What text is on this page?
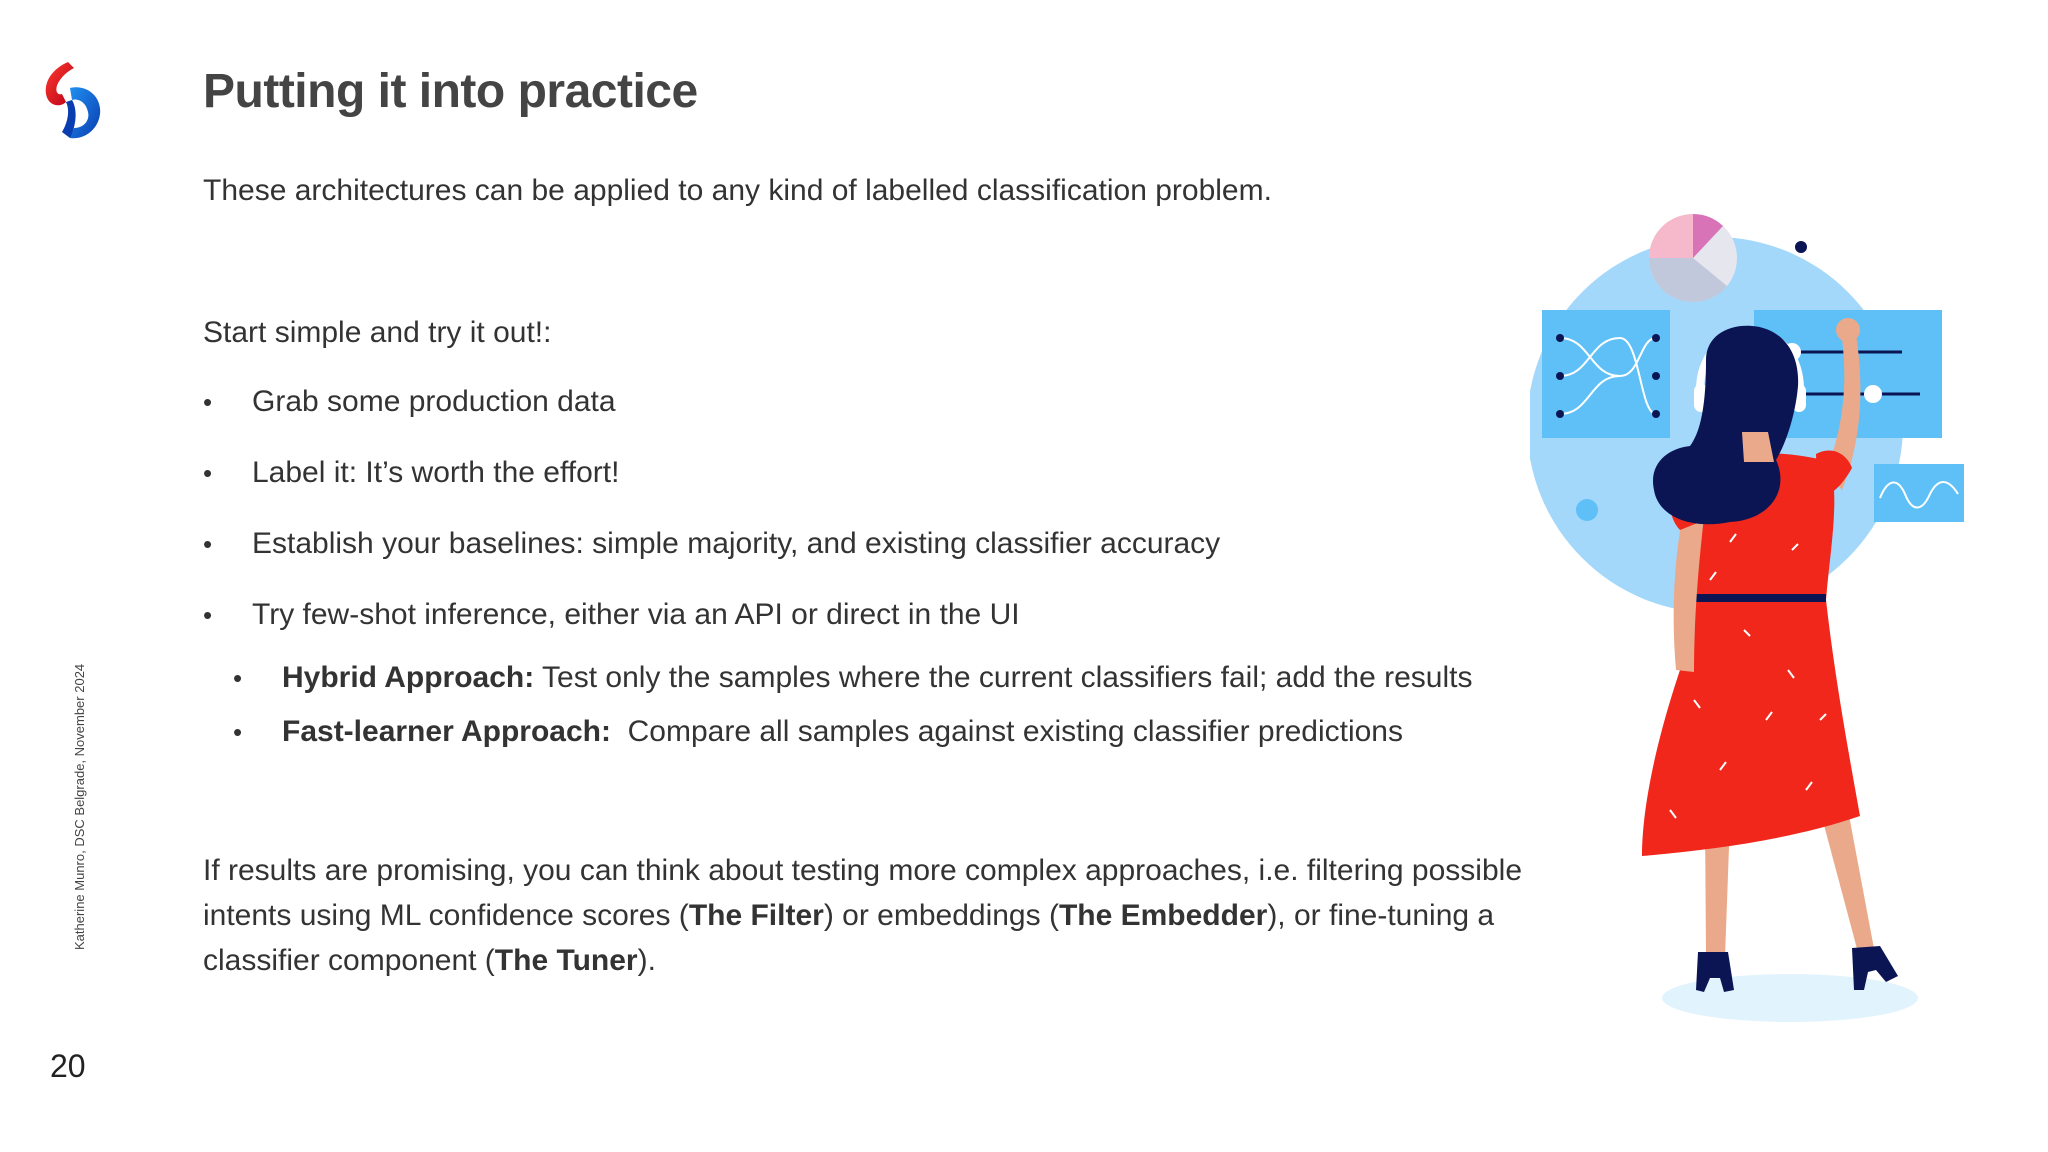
Putting it into practice

These architectures can be applied to any kind of labelled classification problem.

Start simple and try it out!:

• Grab some production data
• Label it: It’s worth the effort!
• Establish your baselines: simple majority, and existing classifier accuracy
• Try few-shot inference, either via an API or direct in the UI
• Hybrid Approach: Test only the samples where the current classifiers fail; add the results
• Fast-learner Approach:  Compare all samples against existing classifier predictions

If results are promising, you can think about testing more complex approaches, i.e. filtering possible intents using ML confidence scores (The Filter) or embeddings (The Embedder), or fine-tuning a classifier component (The Tuner).

Katherine Munro, DSC Belgrade, November 2024
20
